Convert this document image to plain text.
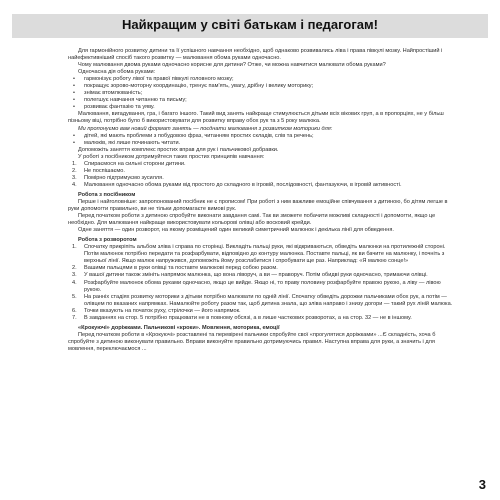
Найкращим у світі батькам і педагогам!

Для гармонійного розвитку дитини та її успішного навчання необхідно, щоб однаково розвивались ліва і права півкулі мозку. Найпростіший і найефективніший спосіб такого розвитку — малювання обома руками одночасно.

Чому малювання двома руками одночасно корисне для дитини? Отже, чи можна навчитися малювати обома руками?

Одночасна дія обома руками:

• гармонізує роботу лівої та правої півкулі головного мозку;
• покращує зорово-моторну координацію, тренує пам'ять, увагу, дрібну і велику моторику;
• знімає втомлюваність;
• полегшує навчання читанню та письму;
• розвиває фантазію та уяву.

Малювання, вигадування, гра, і багато іншого. Такий вид занять найкраще стимулюється дітьми всіх вікових груп, а в пропорціях, не у більш пізньому віці, потрібно було б використовувати для розвитку вправу обох рук та з 5 року малюка.

Ми пропонуємо вам новий формат занять — поєднати малювання з розвитком моторики для:

• дітей, які мають проблеми з побудовою фраз, читанням простих складів, слів та речень;
• малюків, які лише починають читати.

Допоможіть заняття комплекс простих вправ для рук і пальчикової добравки.

У роботі з посібником дотримуйтеся таких простих принципів навчання:

1. Спираємося на сильні сторони дитини.
2. Не поспішаємо.
3. Помірно підтримуємо зусилля.
4. Малювання одночасно обома руками від простого до складного в ігровій, послідовності, фантазуючи, в ігровій активності.

Робота з посібником

Перше і найголовніше: запропонований посібник не є прописом! При роботі з ним важливе емоційне співчування з дитиною, бо дітям легше в руки допомогти правильно, ви не тільки допомагаєте вимові рук.

Перед початком роботи з дитиною спробуйте виконати завдання самі. Так ви зможете побачити можливі складності і допомогти, якщо це необхідно. Для малювання найкраще використовувати кольорові олівці або восковий крейди.

Одне заняття — один розворот, на якому розміщений один великий симетричний малюнок і декілька лінії для обведення.

Робота з розворотом

1. Спочатку прикріпіть альбом зліва і справа по сторінці. Викладіть пальці руки, які відкриваються, обведіть малюнки на протилежній стороні. Потім малюнок потрібно передати та розфарбувати, відповідно до контуру малюнка. Поставте пальці, як ви бачите на малюнку, і почніть з верхньої лінії. Якщо малюк напружився, допоможіть йому розслабитися і спробувати ще раз. Наприклад: «Я малюю сонце!»
2. Вашими пальцями в руки олівці та поставте малюкові перед собою разом.
3. У вашої дитини також змініть напрямок малюнка, що вона ліворуч, а ви — праворуч. Потім обидві руки одночасно, тримаючи олівці.
4. Розфарбуйте малюнок обома руками одночасно, якщо це вийде. Якщо ні, то праву половину розфарбуйте правою рукою, а ліву — лівою рукою.
5. На ранніх стадіях розвитку моторики з дітьми потрібно малювати по одній лінії. Спочатку обведіть дорожки пальчиками обох рук, а потім — олівцем по вказаних напрямках. Намалюйте роботу разом так, щоб дитина знала, що зліва направо і знизу догори — такий рух ліній малюка.
6. Точки вказують на початок руху, стрілочки — його напрямок.
7. В завданнях на стор. 5 потрібно працювати не в повному обсязі, а в лише часткових розворотах, а на стор. 32 — не в іншому.

«Крокуючі» доріжками. Пальчикові «кроки». Мовлення, моторика, емоції

Перед початком роботи в «Крокуючі» розставлені та перевірені пальчики спробуйте свої «прогулятися доріжками» ...Є складність, хоча б спробуйте з дитиною виконувати правильно. Вправи виконуйте правильно дотримуючись правил. Наступна вправа для руки, а значить і для мовлення, переключаємося ...

3
